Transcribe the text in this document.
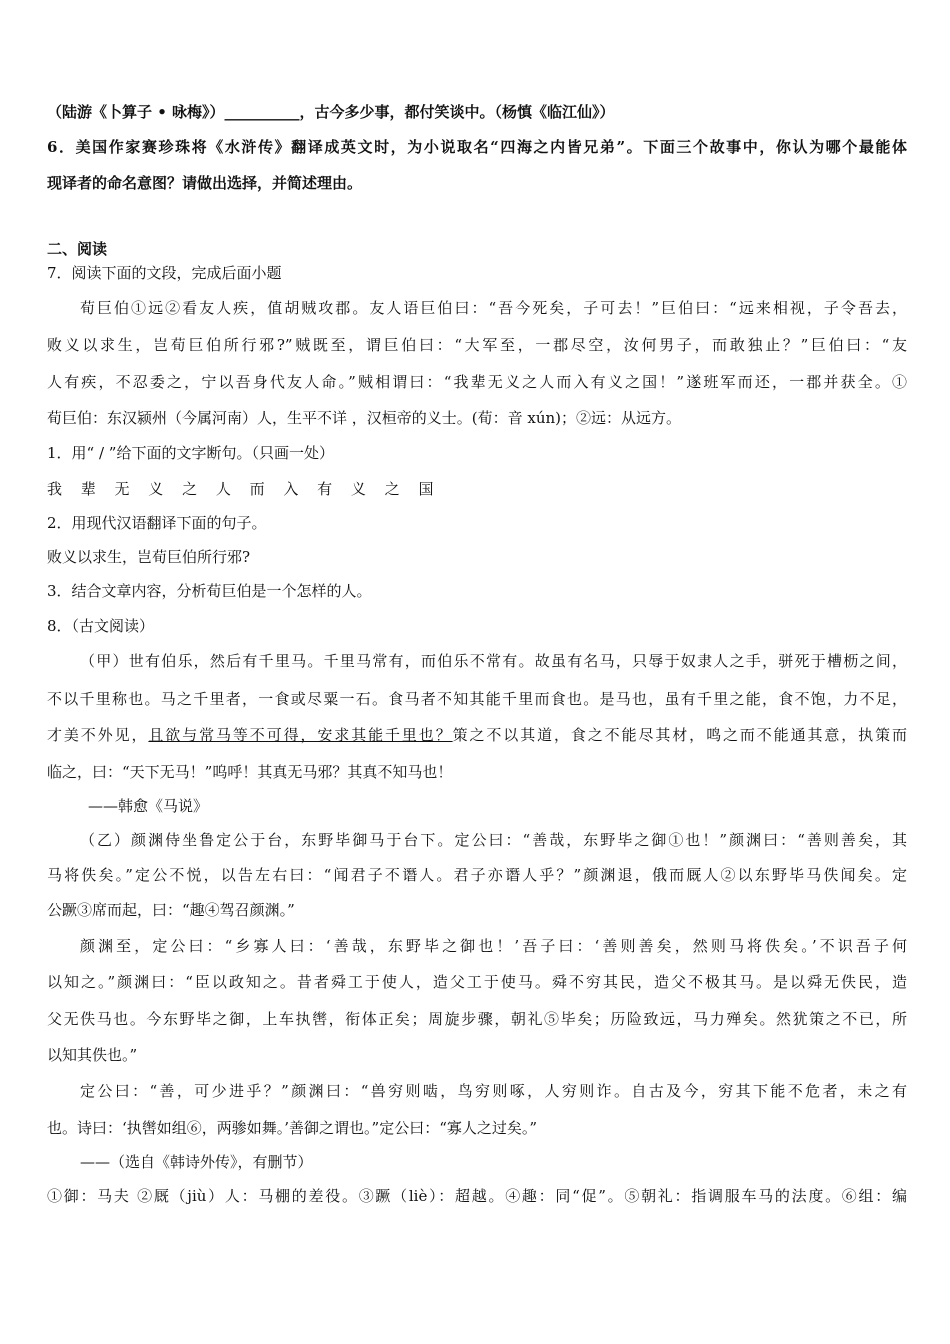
（陆游《卜算子 • 咏梅》）__________，古今多少事，都付笑谈中。（杨慎《临江仙》）
6．美国作家赛珍珠将《水浒传》翻译成英文时，为小说取名“四海之内皆兄弟”。下面三个故事中，你认为哪个最能体
现译者的命名意图？请做出选择，并简述理由。
二、阅读
7．阅读下面的文段，完成后面小题
荀巨伯①远②看友人疾，值胡贼攻郡。友人语巨伯曰：“吾今死矣，子可去！”巨伯曰：“远来相视，子令吾去，
败义以求生，岂荀巨伯所行邪?”贼既至，谓巨伯曰：“大军至，一郡尽空，汝何男子，而敢独止？”巨伯曰：“友
人有疾，不忍委之，宁以吾身代友人命。”贼相谓曰：“我辈无义之人而入有义之国！”遂班军而还，一郡并获全。①
荀巨伯：东汉颍州（今属河南）人，生平不详 ，汉桓帝的义士。(荀：音 xún)；②远：从远方。
1．用“ / ”给下面的文字断句。（只画一处）
我 辈 无 义 之 人 而 入 有 义 之 国
2．用现代汉语翻译下面的句子。
败义以求生，岂荀巨伯所行邪?
3．结合文章内容，分析荀巨伯是一个怎样的人。
8．（古文阅读）
（甲）世有伯乐，然后有千里马。千里马常有，而伯乐不常有。故虽有名马，只辱于奴隶人之手，骈死于槽枥之间，
不以千里称也。马之千里者，一食或尽粟一石。食马者不知其能千里而食也。是马也，虽有千里之能，食不饱，力不足，
才美不外见，且欲与常马等不可得，安求其能千里也？策之不以其道，食之不能尽其材，鸣之而不能通其意，执策而
临之，曰：“天下无马！”呜呼！其真无马邪？其真不知马也！
——韩愈《马说》
（乙）颜渊侍坐鲁定公于台，东野毕御马于台下。定公曰：“善哉，东野毕之御①也！”颜渊曰：“善则善矣，其
马将佚矣。”定公不悦，以告左右曰：“闻君子不谮人。君子亦谮人乎？”颜渊退，俄而厩人②以东野毕马佚闻矣。定
公蹶③席而起，曰：“趣④驾召颜渊。”
颜渊至，定公曰：“乡寡人曰：‘善哉，东野毕之御也！’吾子曰：‘善则善矣，然则马将佚矣。’不识吾子何
以知之。”颜渊曰：“臣以政知之。昔者舜工于使人，造父工于使马。舜不穷其民，造父不极其马。是以舜无佚民，造
父无佚马也。今东野毕之御，上车执辔，衔体正矣；周旋步骤，朝礼⑤毕矣；历险致远，马力殚矣。然犹策之不已，所
以知其佚也。”
定公曰：“善，可少进乎？”颜渊曰：“兽穷则啮，鸟穷则啄，人穷则诈。自古及今，穷其下能不危者，未之有
也。诗曰：‘执辔如组⑥，两骖如舞。’善御之谓也。”定公曰：“寡人之过矣。”
——（选自《韩诗外传》，有删节）
①御：马夫 ②厩（jiù）人：马棚的差役。③蹶（liè）：超越。④趣：同“促”。⑤朝礼：指调服车马的法度。⑥组：编
